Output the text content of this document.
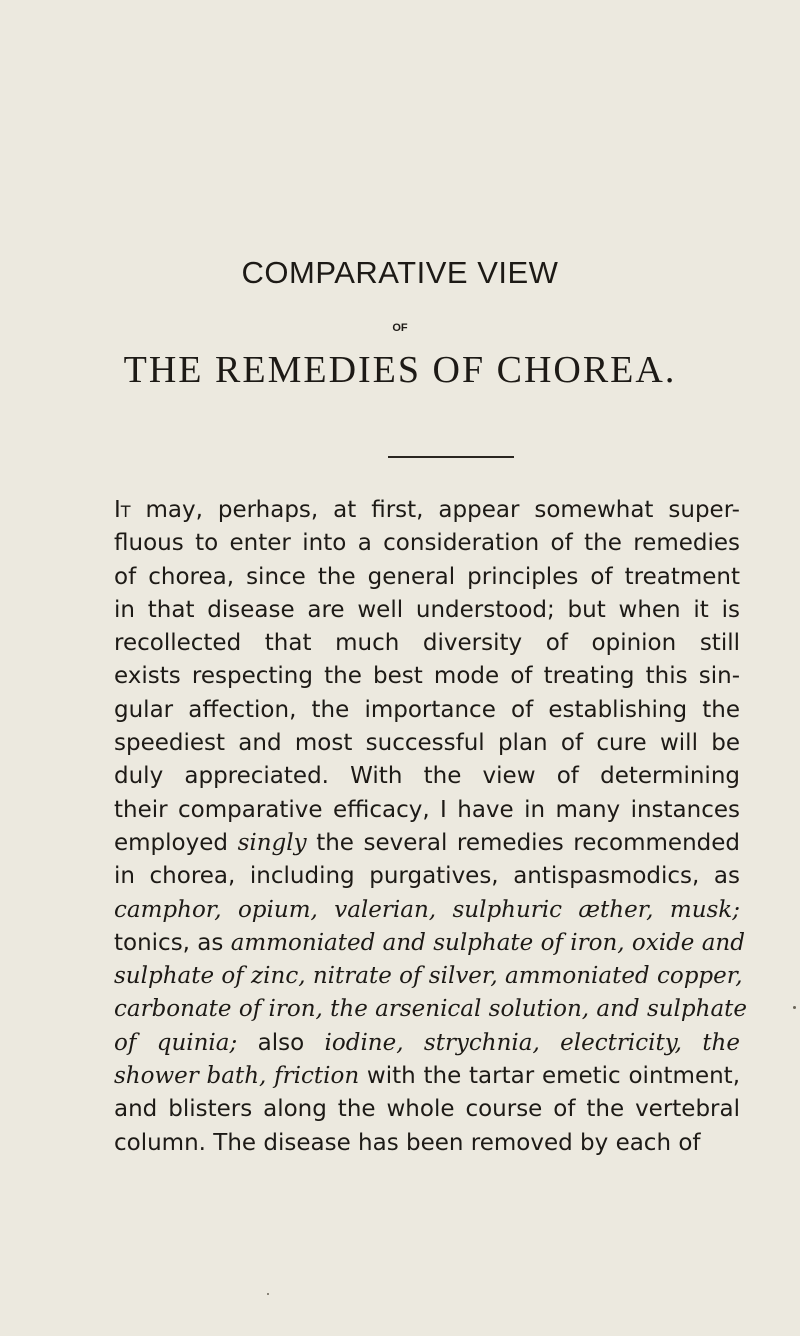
COMPARATIVE VIEW
OF
THE REMEDIES OF CHOREA.
It may, perhaps, at first, appear somewhat super-
fluous to enter into a consideration of the remedies
of chorea, since the general principles of treatment
in that disease are well understood; but when it is
recollected that much diversity of opinion still
exists respecting the best mode of treating this sin-
gular affection, the importance of establishing the
speediest and most successful plan of cure will be
duly appreciated. With the view of determining
their comparative efficacy, I have in many instances
employed singly the several remedies recommended
in chorea, including purgatives, antispasmodics, as
camphor, opium, valerian, sulphuric æther, musk;
tonics, as ammoniated and sulphate of iron, oxide and
sulphate of zinc, nitrate of silver, ammoniated copper,
carbonate of iron, the arsenical solution, and sulphate
of quinia; also iodine, strychnia, electricity, the
shower bath, friction with the tartar emetic ointment,
and blisters along the whole course of the vertebral
column. The disease has been removed by each of
